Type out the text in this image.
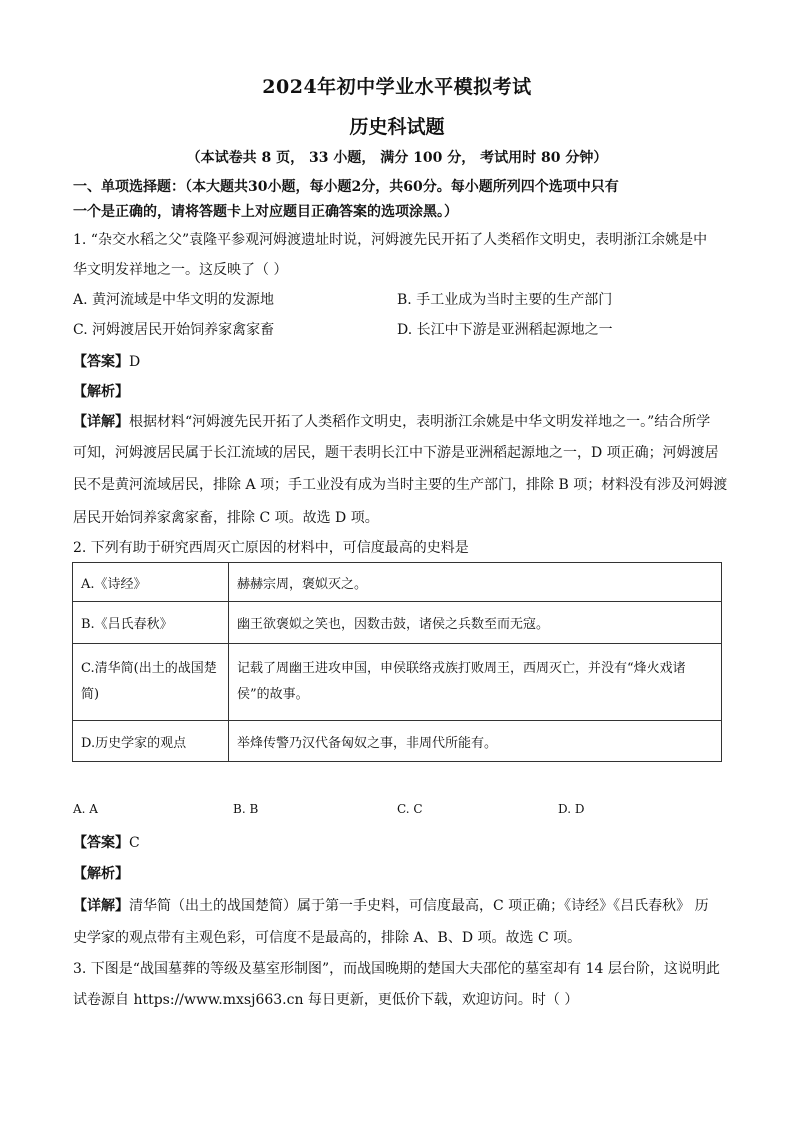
2024年初中学业水平模拟考试
历史科试题
（本试卷共 8 页， 33 小题， 满分 100 分， 考试用时 80 分钟）
一、单项选择题：（本大题共30小题，每小题2分，共60分。每小题所列四个选项中只有
一个是正确的，请将答题卡上对应题目正确答案的选项涂黑。）
1. “杂交水稻之父”袁隆平参观河姆渡遗址时说，河姆渡先民开拓了人类稻作文明史，表明浙江余姚是中
华文明发祥地之一。这反映了（ ）
A. 黄河流域是中华文明的发源地	B. 手工业成为当时主要的生产部门
C. 河姆渡居民开始饲养家禽家畜	D. 长江中下游是亚洲稻起源地之一
【答案】D
【解析】
【详解】根据材料“河姆渡先民开拓了人类稻作文明史，表明浙江余姚是中华文明发祥地之一。”结合所学
可知，河姆渡居民属于长江流域的居民，题干表明长江中下游是亚洲稻起源地之一，D 项正确；河姆渡居
民不是黄河流域居民，排除 A 项；手工业没有成为当时主要的生产部门，排除 B 项；材料没有涉及河姆渡
居民开始饲养家禽家畜，排除 C 项。故选 D 项。
2. 下列有助于研究西周灭亡原因的材料中，可信度最高的史料是
A.《诗经》	赫赫宗周，褒姒灭之。
B.《吕氏春秋》	幽王欲褒姒之笑也，因数击鼓，诸侯之兵数至而无寇。
C.清华简(出土的战国楚简)	记载了周幽王进攻申国，申侯联络戎族打败周王，西周灭亡，并没有“烽火戏诸侯”的故事。
D.历史学家的观点	举烽传警乃汉代备匈奴之事，非周代所能有。
A. A	B. B	C. C	D. D
【答案】C
【解析】
【详解】清华简（出土的战国楚简）属于第一手史料，可信度最高，C 项正确；《诗经》《吕氏春秋》 历
史学家的观点带有主观色彩，可信度不是最高的，排除 A、B、D 项。故选 C 项。
3. 下图是“战国墓葬的等级及墓室形制图”，而战国晚期的楚国大夫邵佗的墓室却有 14 层台阶，这说明此
试卷源自 https://www.mxsj663.cn 每日更新，更低价下载，欢迎访问。时（ ）
